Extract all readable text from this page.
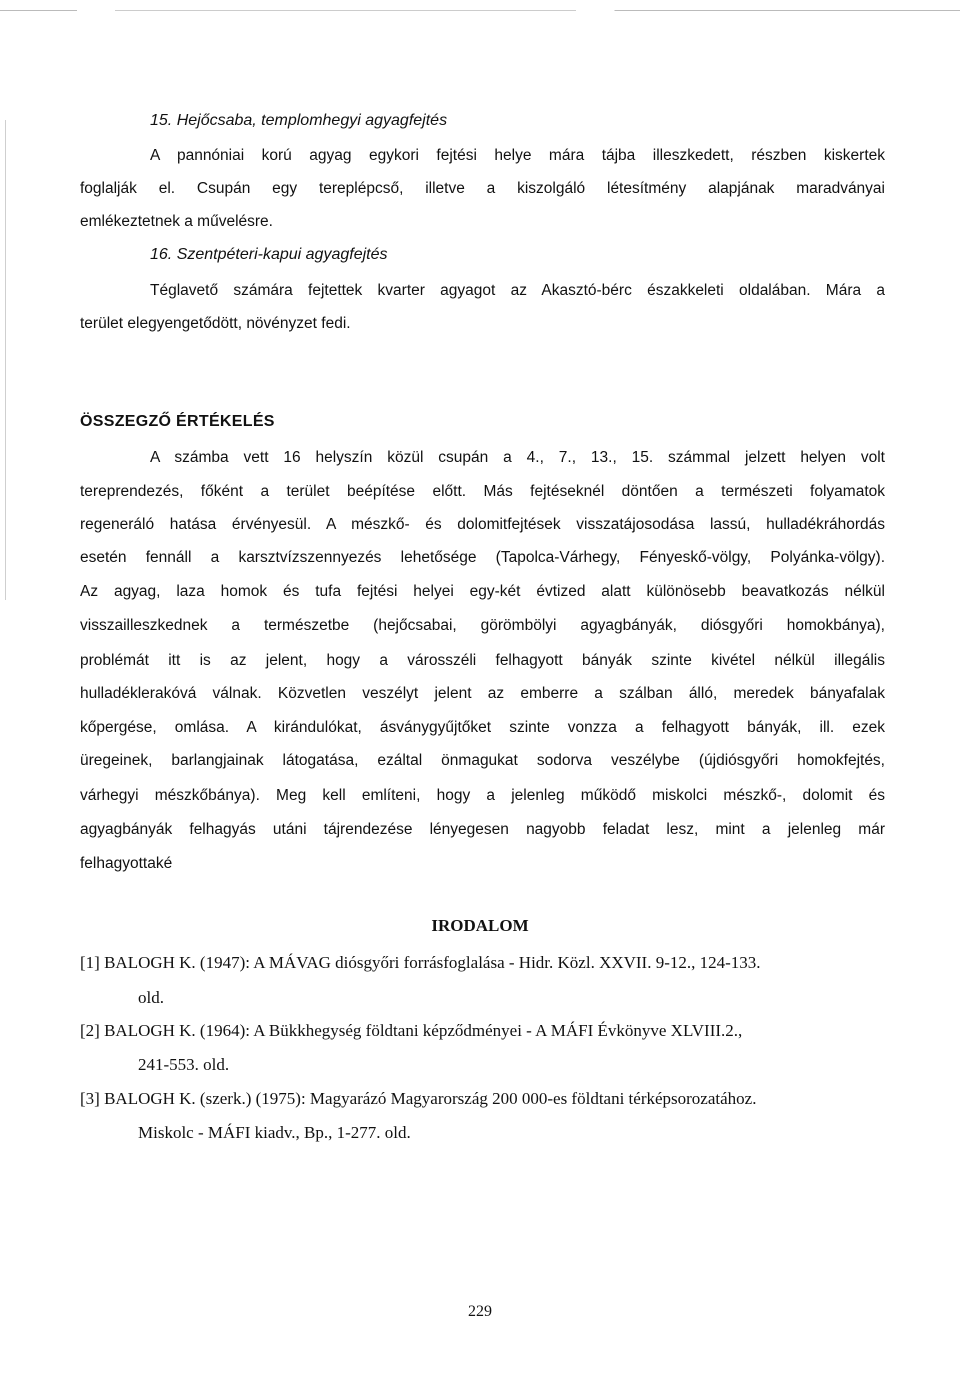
15. Hejőcsaba, templomhegyi agyagfejtés
A pannóniai korú agyag egykori fejtési helye mára tájba illeszkedett, részben kiskertek
foglalják el. Csupán egy tereplépcső, illetve a kiszolgáló létesítmény alapjának maradványai
emlékeztetnek a művelésre.
16. Szentpéteri-kapui agyagfejtés
Téglavető számára fejtettek kvarter agyagot az Akasztó-bérc északkeleti oldalában. Mára a
terület elegyengetődött, növényzet fedi.
ÖSSZEGZŐ ÉRTÉKELÉS
A számba vett 16 helyszín közül csupán a 4., 7., 13., 15. számmal jelzett helyen volt
tereprendezés, főként a terület beépítése előtt. Más fejtéseknél döntően a természeti folyamatok
regeneráló hatása érvényesül. A mészkő- és dolomitfejtések visszatájosodása lassú, hulladékráhordás
esetén fennáll a karsztvízszennyezés lehetősége (Tapolca-Várhegy, Fényeskő-völgy, Polyánka-völgy).
Az agyag, laza homok és tufa fejtési helyei egy-két évtized alatt különösebb beavatkozás nélkül
visszailleszkednek a természetbe (hejőcsabai, görömbölyi agyagbányák, diósgyőri homokbánya),
problémát itt is az jelent, hogy a városszéli felhagyott bányák szinte kivétel nélkül illegális
hulladéklerakóvá válnak. Közvetlen veszélyt jelent az emberre a szálban álló, meredek bányafalak
kőpergése, omlása. A kirándulókat, ásványgyűjtőket szinte vonzza a felhagyott bányák, ill. ezek
üregeinek, barlangjainak látogatása, ezáltal önmagukat sodorva veszélybe (újdiósgyőri homokfejtés,
várhegyi mészkőbánya). Meg kell említeni, hogy a jelenleg működő miskolci mészkő-, dolomit és
agyagbányák felhagyás utáni tájrendezése lényegesen nagyobb feladat lesz, mint a jelenleg már
felhagyottaké
IRODALOM
[1] BALOGH K. (1947): A MÁVAG diósgyőri forrásfoglalása - Hidr. Közl. XXVII. 9-12., 124-133.
old.
[2] BALOGH K. (1964): A Bükkhegység földtani képződményei - A MÁFI Évkönyve XLVIII.2.,
241-553. old.
[3] BALOGH K. (szerk.) (1975): Magyarázó Magyarország 200 000-es földtani térképsorozatához.
Miskolc - MÁFI kiadv., Bp., 1-277. old.
229
